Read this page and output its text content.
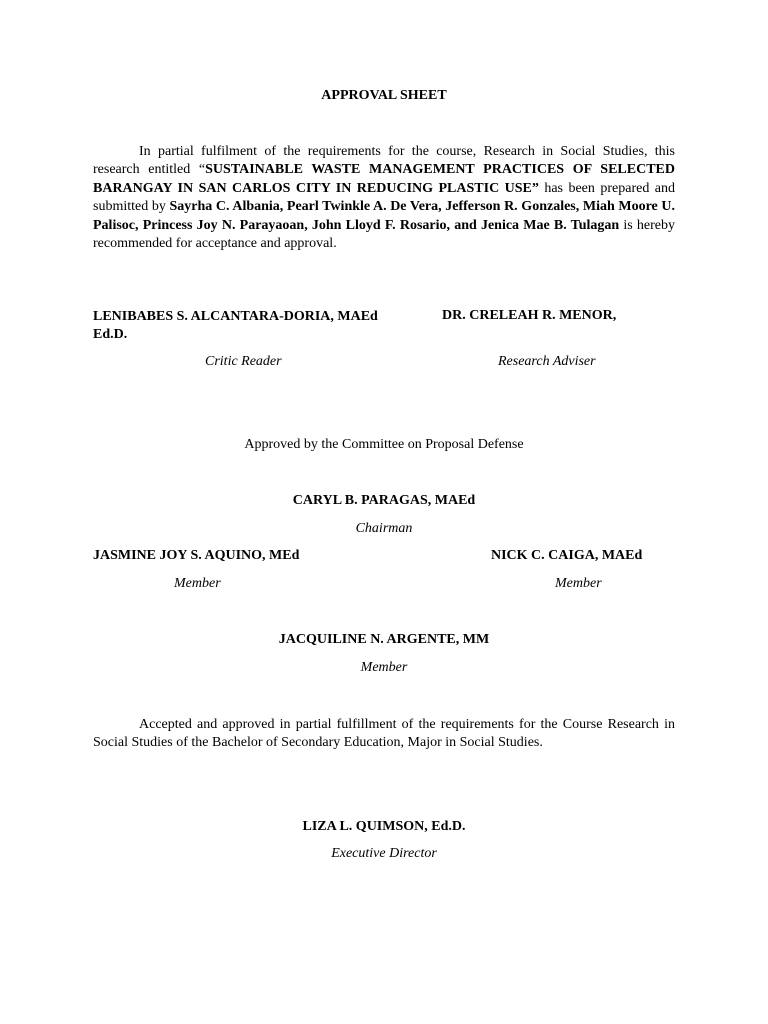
APPROVAL SHEET
In partial fulfilment of the requirements for the course, Research in Social Studies, this research entitled “SUSTAINABLE WASTE MANAGEMENT PRACTICES OF SELECTED BARANGAY IN SAN CARLOS CITY IN REDUCING PLASTIC USE” has been prepared and submitted by Sayrha C. Albania, Pearl Twinkle A. De Vera, Jefferson R. Gonzales, Miah Moore U. Palisoc, Princess Joy N. Parayaoan, John Lloyd F. Rosario, and Jenica Mae B. Tulagan is hereby recommended for acceptance and approval.
LENIBABES S. ALCANTARA-DORIA, MAEd
Ed.D.
DR. CRELEAH R. MENOR,
Critic Reader	Research Adviser
Approved by the Committee on Proposal Defense
CARYL B. PARAGAS, MAEd
Chairman
JASMINE JOY S. AQUINO, MEd	NICK C. CAIGA, MAEd
Member	Member
JACQUILINE N. ARGENTE, MM
Member
Accepted and approved in partial fulfillment of the requirements for the Course Research in Social Studies of the Bachelor of Secondary Education, Major in Social Studies.
LIZA L. QUIMSON, Ed.D.
Executive Director
